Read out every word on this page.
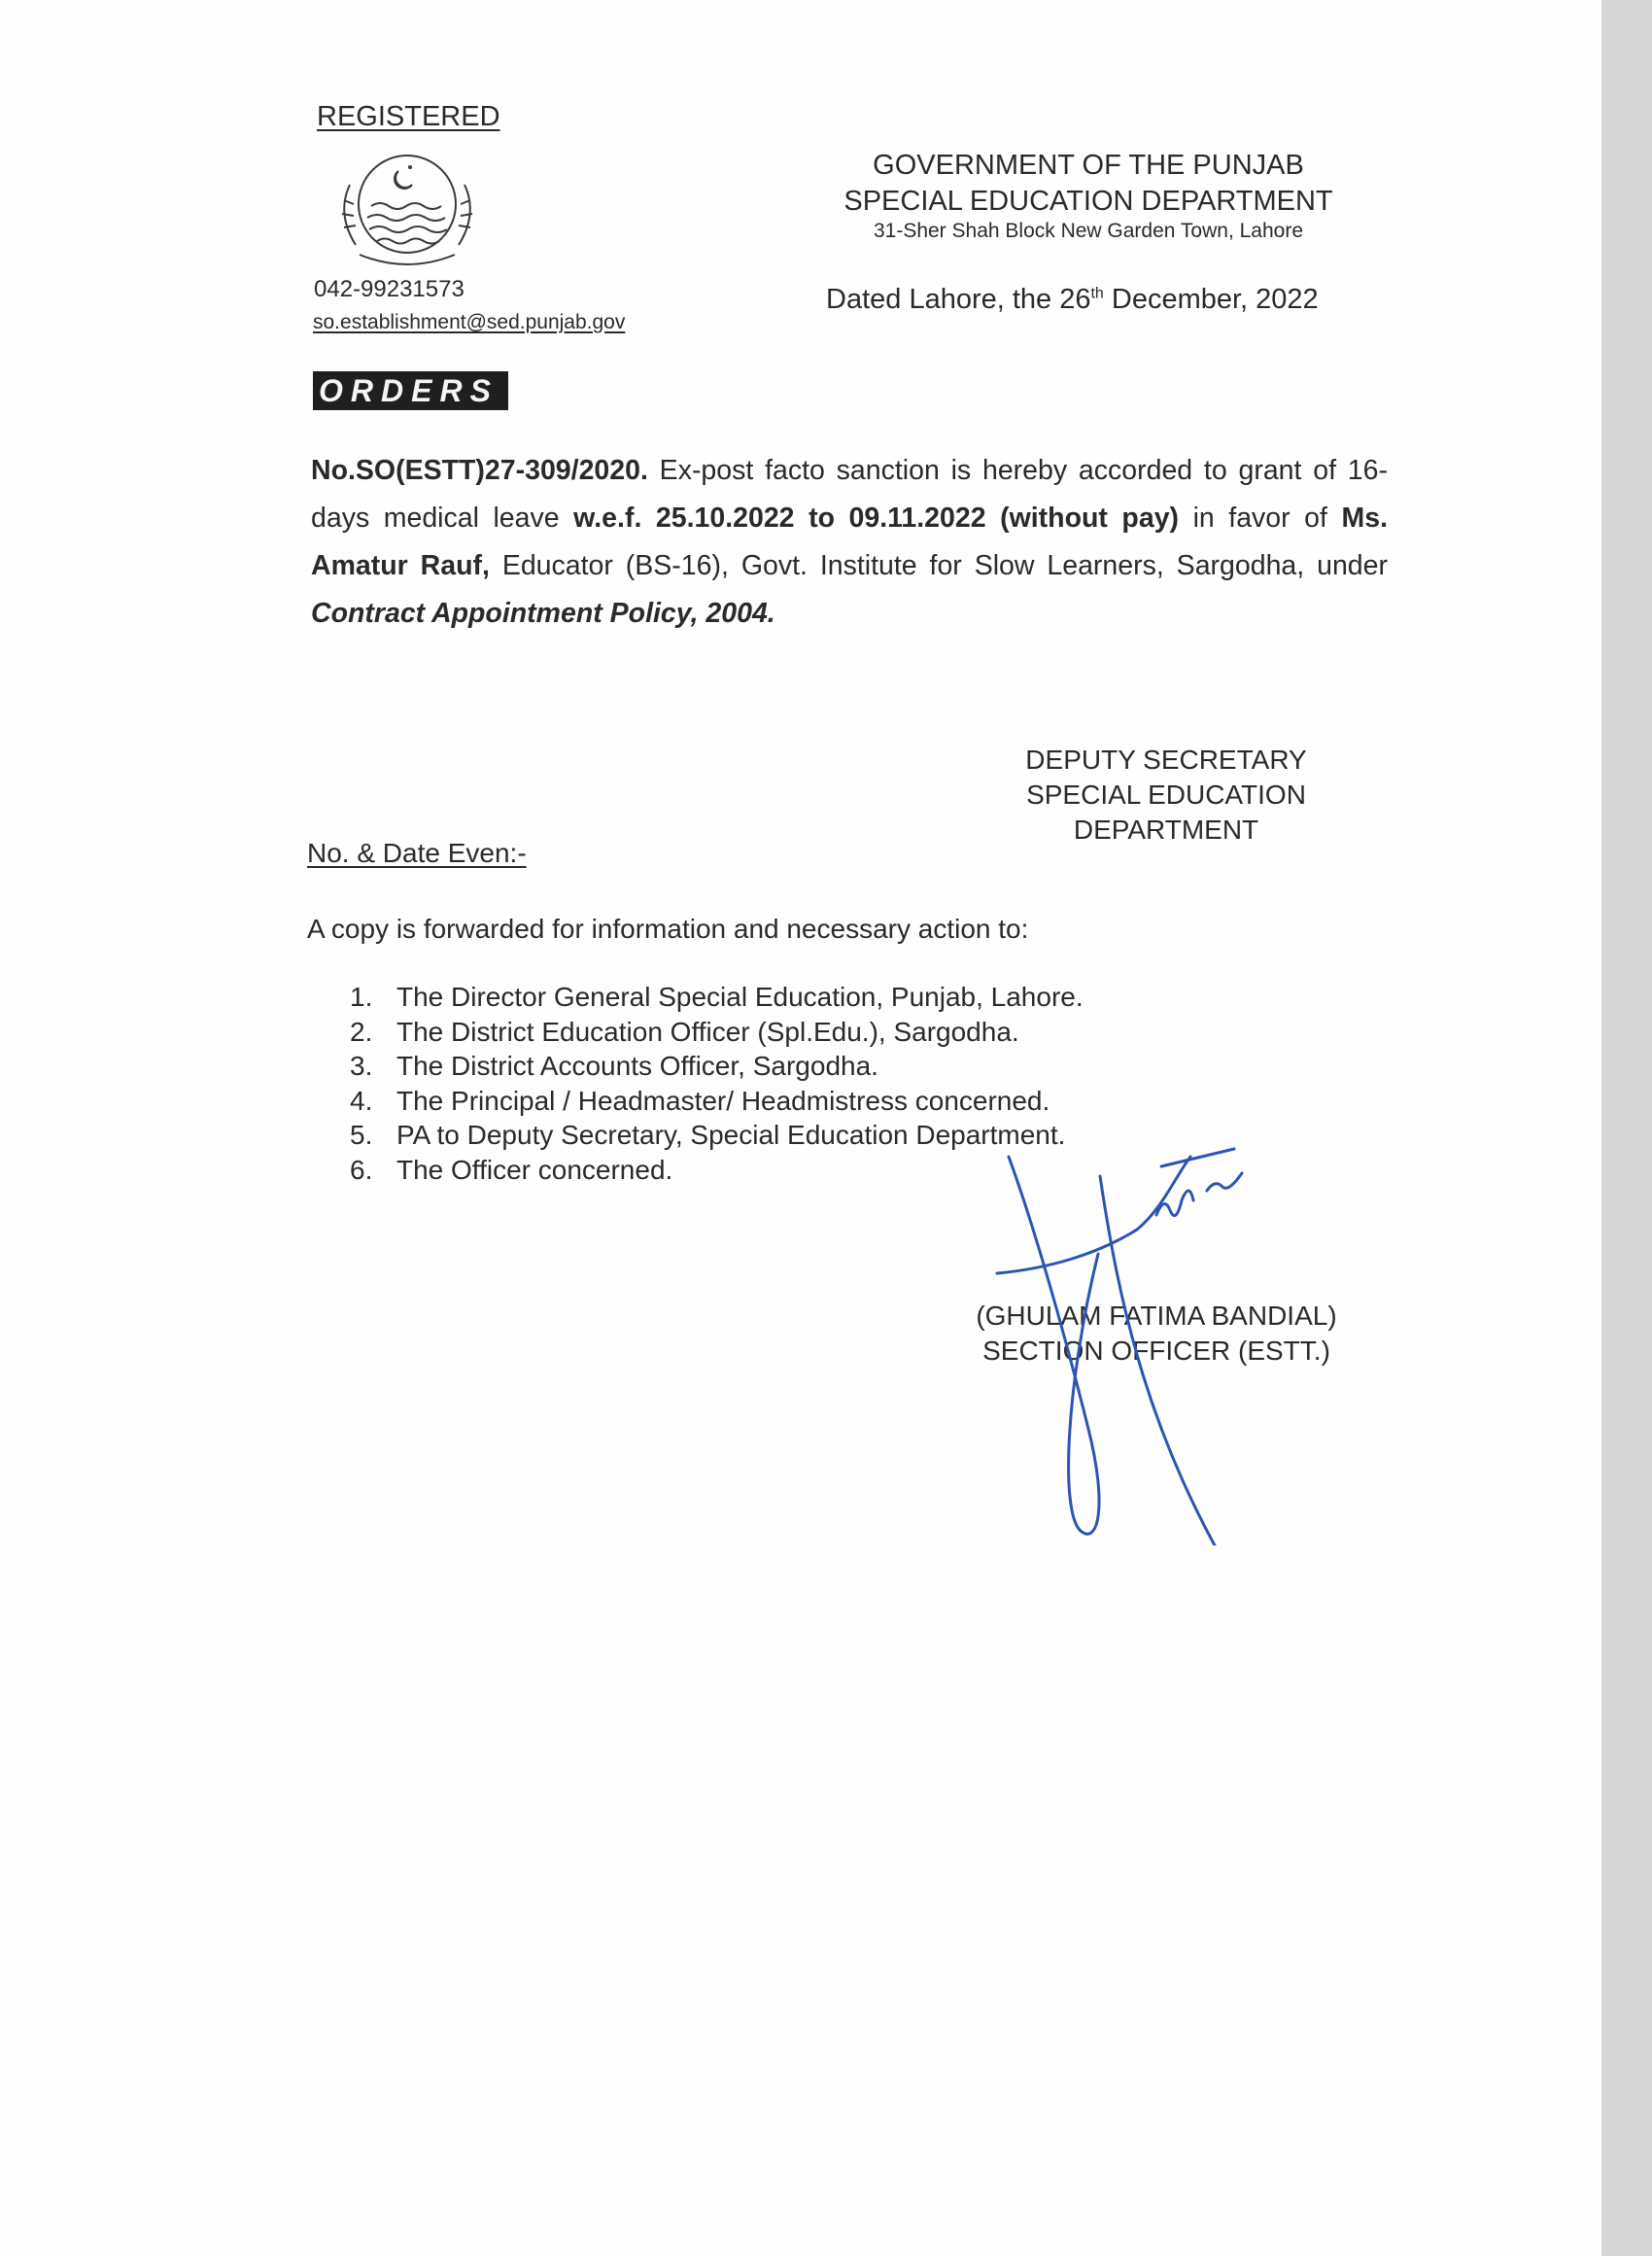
REGISTERED
042-99231573
so.establishment@sed.punjab.gov
GOVERNMENT OF THE PUNJAB
SPECIAL EDUCATION DEPARTMENT
31-Sher Shah Block New Garden Town, Lahore
Dated Lahore, the 26th December, 2022
ORDERS
No.SO(ESTT)27-309/2020. Ex-post facto sanction is hereby accorded to grant of 16-days medical leave w.e.f. 25.10.2022 to 09.11.2022 (without pay) in favor of Ms. Amatur Rauf, Educator (BS-16), Govt. Institute for Slow Learners, Sargodha, under Contract Appointment Policy, 2004.
DEPUTY SECRETARY
SPECIAL EDUCATION
DEPARTMENT
No. & Date Even:-
A copy is forwarded for information and necessary action to:
1. The Director General Special Education, Punjab, Lahore.
2. The District Education Officer (Spl.Edu.), Sargodha.
3. The District Accounts Officer, Sargodha.
4. The Principal / Headmaster/ Headmistress concerned.
5. PA to Deputy Secretary, Special Education Department.
6. The Officer concerned.
(GHULAM FATIMA BANDIAL)
SECTION OFFICER (ESTT.)
